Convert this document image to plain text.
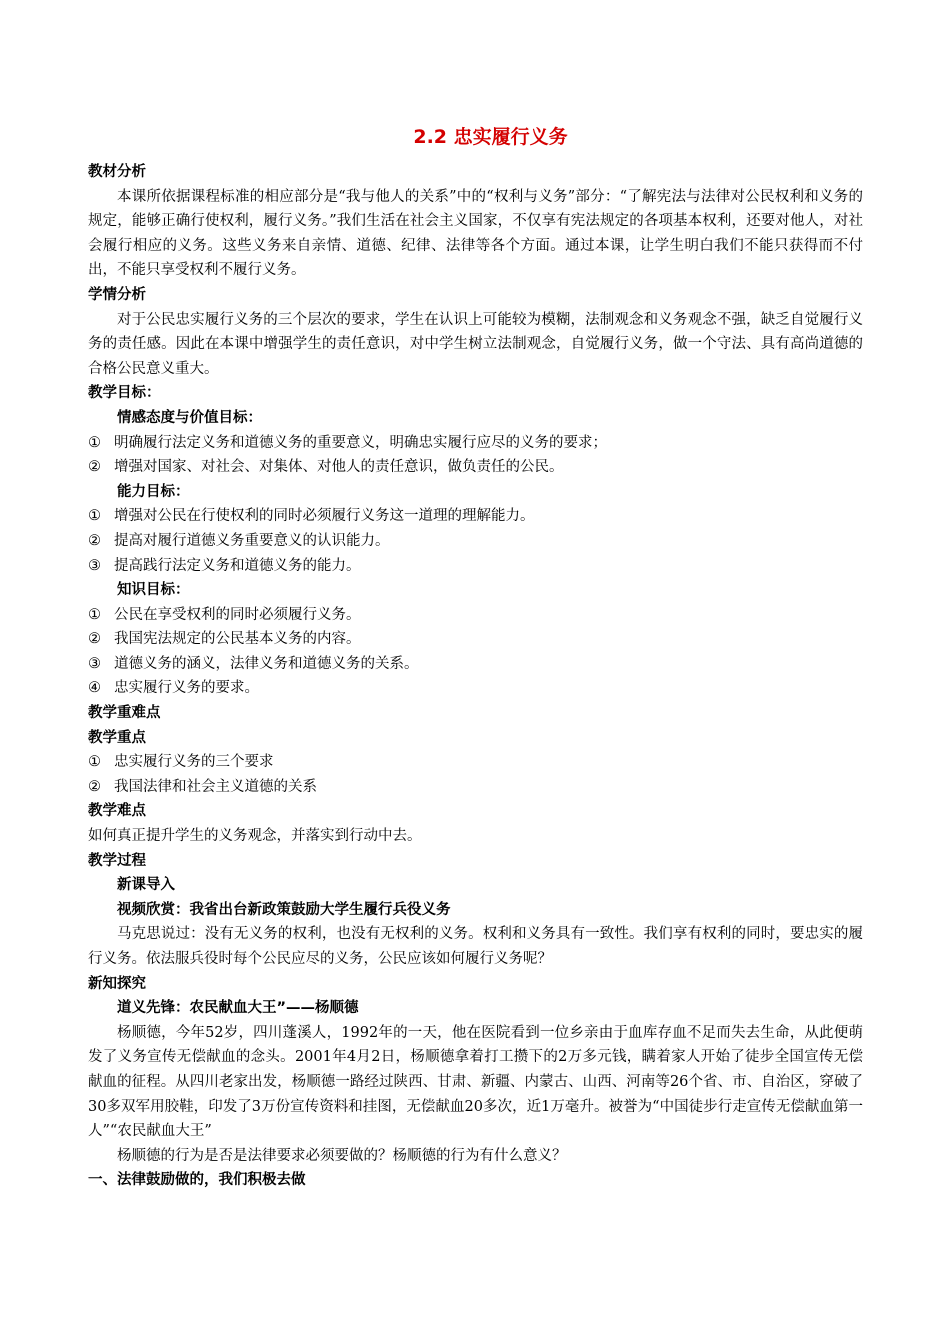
2.2 忠实履行义务
教材分析
本课所依据课程标准的相应部分是“我与他人的关系”中的“权利与义务”部分：“了解宪法与法律对公民权利和义务的规定，能够正确行使权利，履行义务。”我们生活在社会主义国家，不仅享有宪法规定的各项基本权利，还要对他人，对社会履行相应的义务。这些义务来自亲情、道德、纪律、法律等各个方面。通过本课，让学生明白我们不能只获得而不付出，不能只享受权利不履行义务。
学情分析
对于公民忠实履行义务的三个层次的要求，学生在认识上可能较为模糊，法制观念和义务观念不强，缺乏自觉履行义务的责任感。因此在本课中增强学生的责任意识，对中学生树立法制观念，自觉履行义务，做一个守法、具有高尚道德的合格公民意义重大。
教学目标：
情感态度与价值目标：
① 明确履行法定义务和道德义务的重要意义，明确忠实履行应尽的义务的要求；
② 增强对国家、对社会、对集体、对他人的责任意识，做负责任的公民。
能力目标：
① 增强对公民在行使权利的同时必须履行义务这一道理的理解能力。
② 提高对履行道德义务重要意义的认识能力。
③ 提高践行法定义务和道德义务的能力。
知识目标：
① 公民在享受权利的同时必须履行义务。
② 我国宪法规定的公民基本义务的内容。
③ 道德义务的涵义，法律义务和道德义务的关系。
④ 忠实履行义务的要求。
教学重难点
教学重点
① 忠实履行义务的三个要求
② 我国法律和社会主义道德的关系
教学难点
如何真正提升学生的义务观念，并落实到行动中去。
教学过程
新课导入
视频欣赏：我省出台新政策鼓励大学生履行兵役义务
马克思说过：没有无义务的权利，也没有无权利的义务。权利和义务具有一致性。我们享有权利的同时，要忠实的履行义务。依法服兵役时每个公民应尽的义务，公民应该如何履行义务呢？
新知探究
道义先锋：农民献血大王”——杨顺德
杨顺德，今年52岁，四川蓬溪人，1992年的一天，他在医院看到一位乡亲由于血库存血不足而失去生命，从此便萌发了义务宣传无偿献血的念头。2001年4月2日，杨顺德拿着打工攒下的2万多元钱，瞒着家人开始了徒步全国宣传无偿献血的征程。从四川老家出发，杨顺德一路经过陕西、甘肃、新疆、内蒙古、山西、河南等26个省、市、自治区，穿破了30多双军用胶鞋，印发了3万份宣传资料和挂图，无偿献血20多次，近1万毫升。被誉为“中国徒步行走宣传无偿献血第一人”“农民献血大王”
杨顺德的行为是否是法律要求必须要做的？杨顺德的行为有什么意义？
一、法律鼓励做的，我们积极去做
